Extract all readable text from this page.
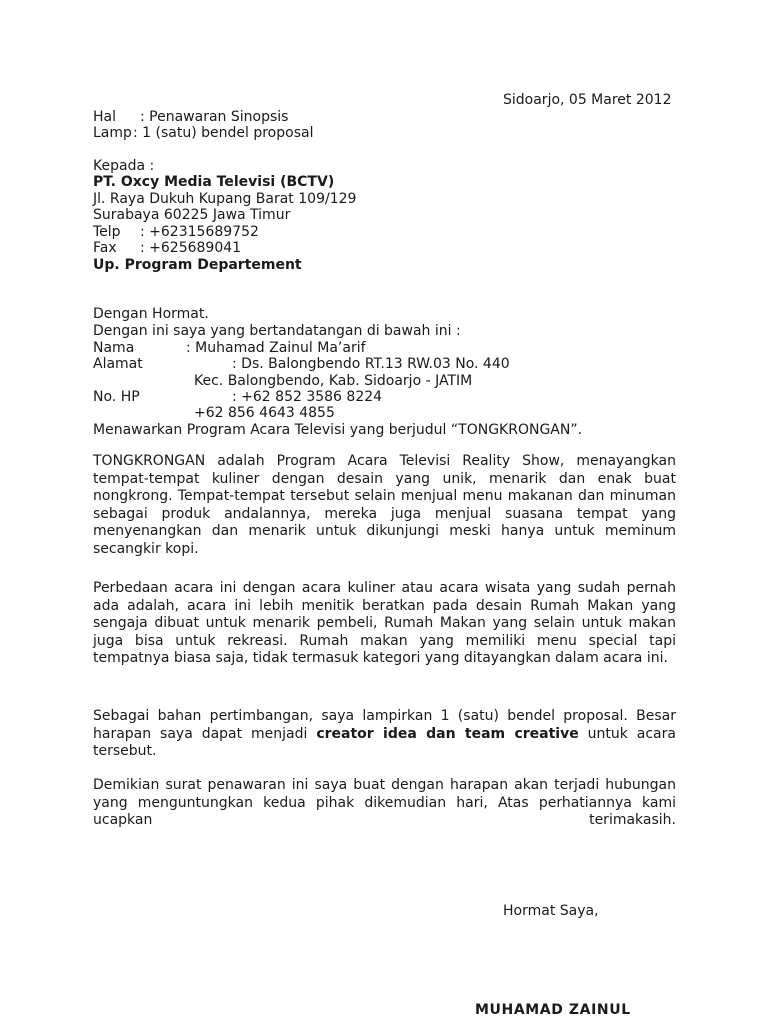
Sidoarjo, 05 Maret 2012

Hal : Penawaran Sinopsis

Lamp: 1 (satu) bendel proposal

Kepada :

PT. Oxcy Media Televisi (BCTV)

Jl. Raya Dukuh Kupang Barat 109/129

Surabaya 60225 Jawa Timur

Telp : +62315689752

Fax : +625689041

Up. Program Departement

Dengan Hormat.

Dengan ini saya yang bertandatangan di bawah ini :

Nama	: Muhamad Zainul Ma’arif

Alamat	: Ds. Balongbendo RT.13 RW.03 No. 440

Kec. Balongbendo, Kab. Sidoarjo - JATIM

No. HP	: +62 852 3586 8224

+62 856 4643 4855

Menawarkan Program Acara Televisi yang berjudul “TONGKRONGAN”.

TONGKRONGAN adalah Program Acara Televisi Reality Show, menayangkan tempat-tempat kuliner dengan desain yang unik, menarik dan enak buat nongkrong. Tempat-tempat tersebut selain menjual menu makanan dan minuman sebagai produk andalannya, mereka juga menjual suasana tempat yang menyenangkan dan menarik untuk dikunjungi meski hanya untuk meminum secangkir kopi.

Perbedaan acara ini dengan acara kuliner atau acara wisata yang sudah pernah ada adalah, acara ini lebih menitik beratkan pada desain Rumah Makan yang sengaja dibuat untuk menarik pembeli, Rumah Makan yang selain untuk makan juga bisa untuk rekreasi. Rumah makan yang memiliki menu special tapi tempatnya biasa saja, tidak termasuk kategori yang ditayangkan dalam acara ini.

Sebagai bahan pertimbangan, saya lampirkan 1 (satu) bendel proposal. Besar harapan saya dapat menjadi creator idea dan team creative untuk acara tersebut.

Demikian surat penawaran ini saya buat dengan harapan akan terjadi hubungan yang menguntungkan kedua pihak dikemudian hari, Atas perhatiannya kami ucapkan terimakasih.

Hormat Saya,

MUHAMAD ZAINUL
